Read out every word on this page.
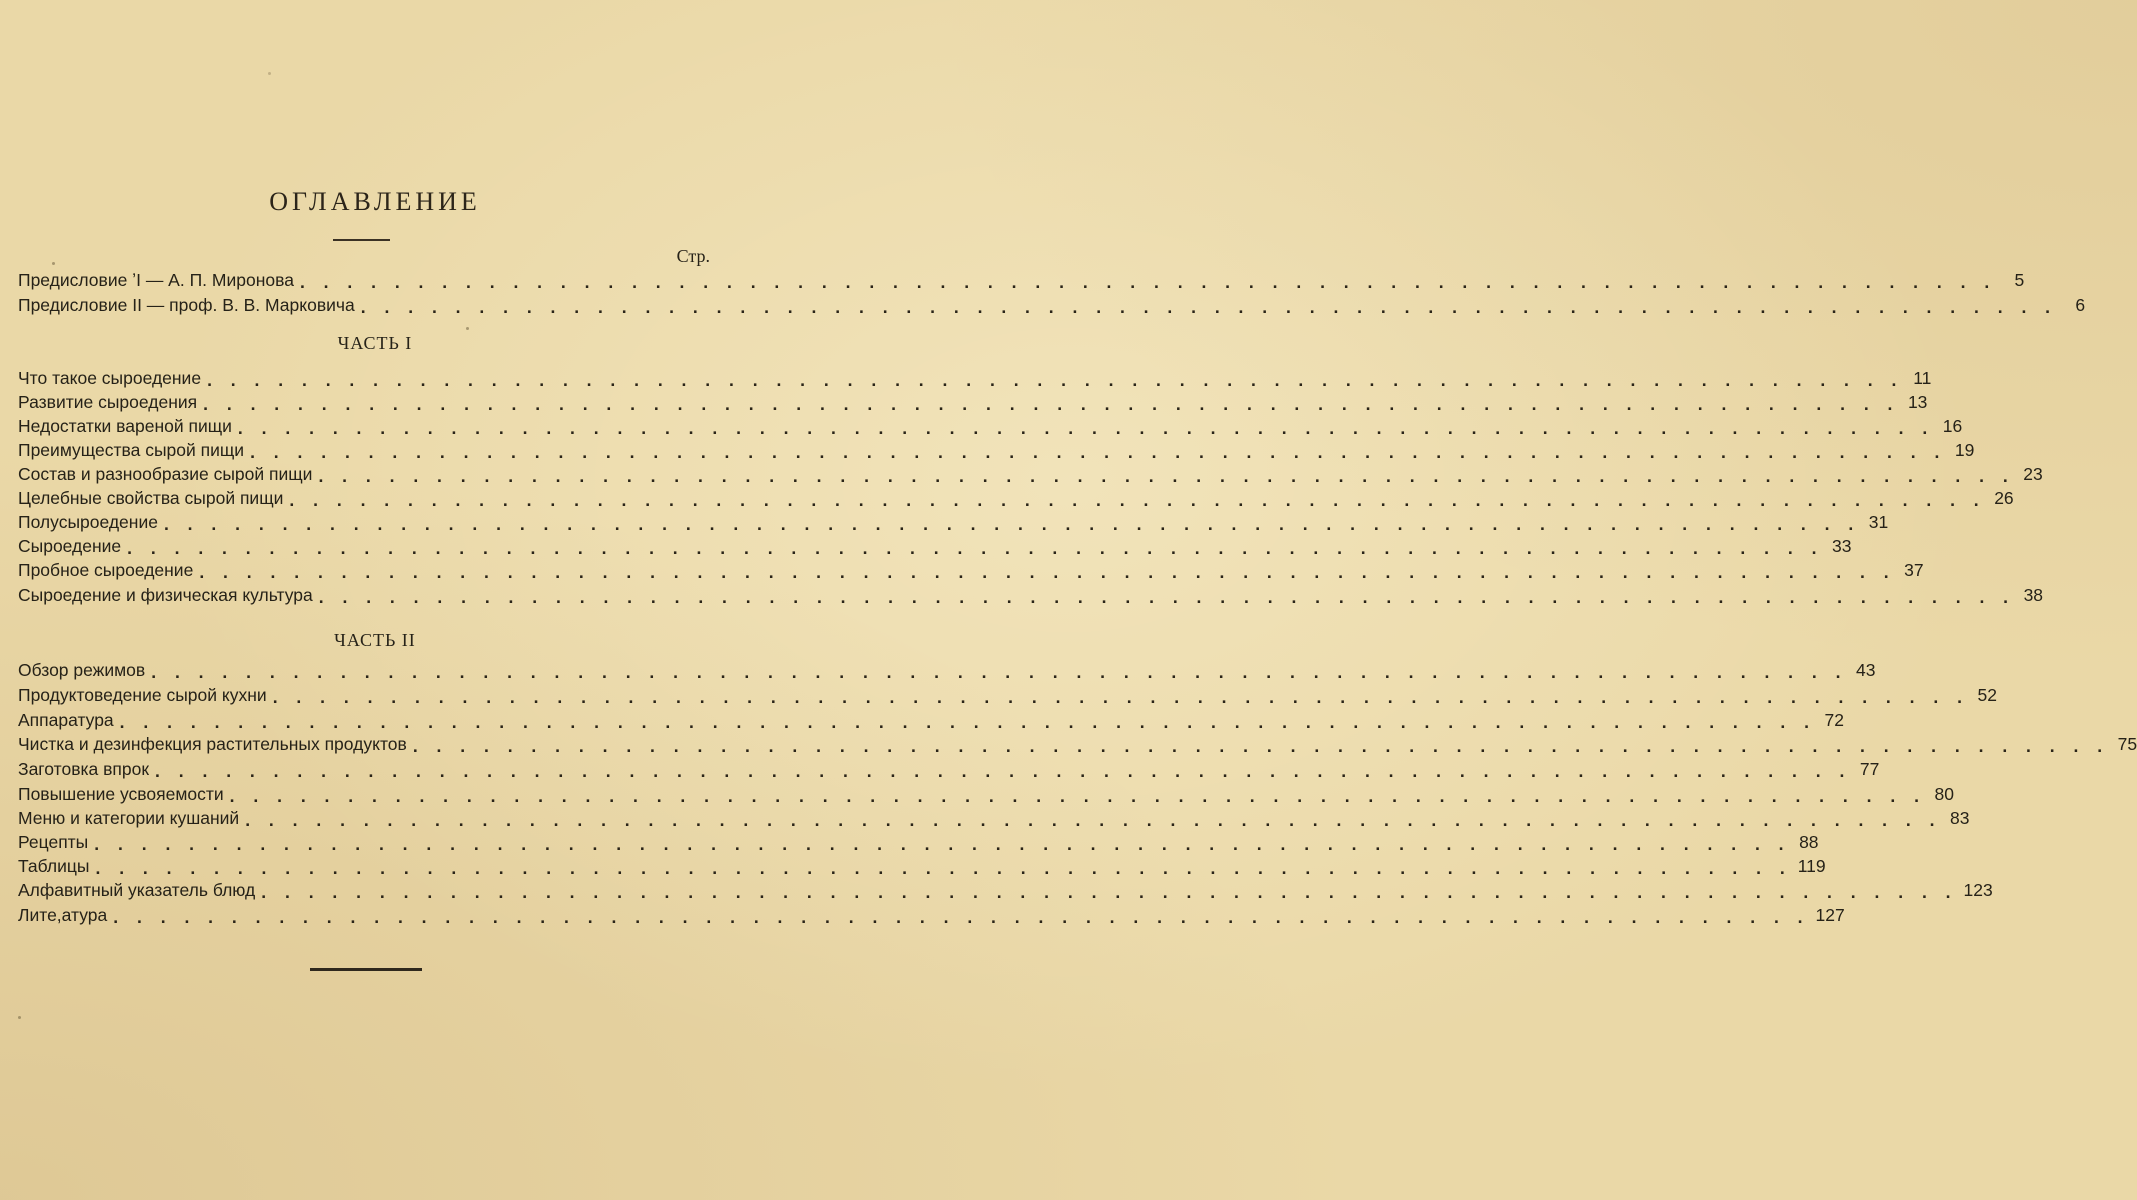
ОГЛАВЛЕНИЕ
Стр.
Предисловие ʼI — А. П. Миронова . . . . . . . . . . . . . . . . . . . . . . . . . . . . . . . . . . . . . . . . . . . . . . . . . . . . . . . . . . . . . . . . . . . . . . . .	5
Предисловие II — проф. В. В. Марковича . . . . . . . . . . . . . . . . . . . . . . . . . . . . . . . . . . . . . . . . . . . . . . . . . . . . . . . . . . . . . . . . . . . . . . . .	6
ЧАСТЬ I
Что такое сыроедение . . . . . . . . . . . . . . . . . . . . . . . . . . . . . . . . . . . . . . . . . . . . . . . . . . . . . . . . . . . . . . . . . . . . . . . . 11
Развитие сыроедения . . . . . . . . . . . . . . . . . . . . . . . . . . . . . . . . . . . . . . . . . . . . . . . . . . . . . . . . . . . . . . . . . . . . . . . . 13
Недостатки вареной пищи . . . . . . . . . . . . . . . . . . . . . . . . . . . . . . . . . . . . . . . . . . . . . . . . . . . . . . . . . . . . . . . . . . . . . . . . 16
Преимущества сырой пищи . . . . . . . . . . . . . . . . . . . . . . . . . . . . . . . . . . . . . . . . . . . . . . . . . . . . . . . . . . . . . . . . . . . . . . . . 19
Состав и разнообразие сырой пищи . . . . . . . . . . . . . . . . . . . . . . . . . . . . . . . . . . . . . . . . . . . . . . . . . . . . . . . . . . . . . . . . . . . . . . . . 23
Целебные свойства сырой пищи . . . . . . . . . . . . . . . . . . . . . . . . . . . . . . . . . . . . . . . . . . . . . . . . . . . . . . . . . . . . . . . . . . . . . . . . 26
Полусыроедение . . . . . . . . . . . . . . . . . . . . . . . . . . . . . . . . . . . . . . . . . . . . . . . . . . . . . . . . . . . . . . . . . . . . . . . . 31
Сыроедение . . . . . . . . . . . . . . . . . . . . . . . . . . . . . . . . . . . . . . . . . . . . . . . . . . . . . . . . . . . . . . . . . . . . . . . . 33
Пробное сыроедение . . . . . . . . . . . . . . . . . . . . . . . . . . . . . . . . . . . . . . . . . . . . . . . . . . . . . . . . . . . . . . . . . . . . . . . . 37
Сыроедение и физическая культура . . . . . . . . . . . . . . . . . . . . . . . . . . . . . . . . . . . . . . . . . . . . . . . . . . . . . . . . . . . . . . . . . . . . . . . . 38
ЧАСТЬ II
Обзор режимов . . . . . . . . . . . . . . . . . . . . . . . . . . . . . . . . . . . . . . . . . . . . . . . . . . . . . . . . . . . . . . . . . . . . . . . . 43
Продуктоведение сырой кухни . . . . . . . . . . . . . . . . . . . . . . . . . . . . . . . . . . . . . . . . . . . . . . . . . . . . . . . . . . . . . . . . . . . . . . . . 52
Аппаратура . . . . . . . . . . . . . . . . . . . . . . . . . . . . . . . . . . . . . . . . . . . . . . . . . . . . . . . . . . . . . . . . . . . . . . . . 72
Чистка и дезинфекция растительных продуктов . . . . . . . . . . . . . . . . . . . . . . . . . . . . . . . . . . . . . . . . . . . . . . . . . . . . . . . . . . . . . . . . . . . . . . . . 75
Заготовка впрок . . . . . . . . . . . . . . . . . . . . . . . . . . . . . . . . . . . . . . . . . . . . . . . . . . . . . . . . . . . . . . . . . . . . . . . . 77
Повышение усвояемости . . . . . . . . . . . . . . . . . . . . . . . . . . . . . . . . . . . . . . . . . . . . . . . . . . . . . . . . . . . . . . . . . . . . . . . . 80
Меню и категории кушаний . . . . . . . . . . . . . . . . . . . . . . . . . . . . . . . . . . . . . . . . . . . . . . . . . . . . . . . . . . . . . . . . . . . . . . . . 83
Рецепты . . . . . . . . . . . . . . . . . . . . . . . . . . . . . . . . . . . . . . . . . . . . . . . . . . . . . . . . . . . . . . . . . . . . . . . . 88
Таблицы . . . . . . . . . . . . . . . . . . . . . . . . . . . . . . . . . . . . . . . . . . . . . . . . . . . . . . . . . . . . . . . . . . . . . . . . 119
Алфавитный указатель блюд . . . . . . . . . . . . . . . . . . . . . . . . . . . . . . . . . . . . . . . . . . . . . . . . . . . . . . . . . . . . . . . . . . . . . . . . 123
Лите,атура . . . . . . . . . . . . . . . . . . . . . . . . . . . . . . . . . . . . . . . . . . . . . . . . . . . . . . . . . . . . . . . . . . . . . . . . 127
